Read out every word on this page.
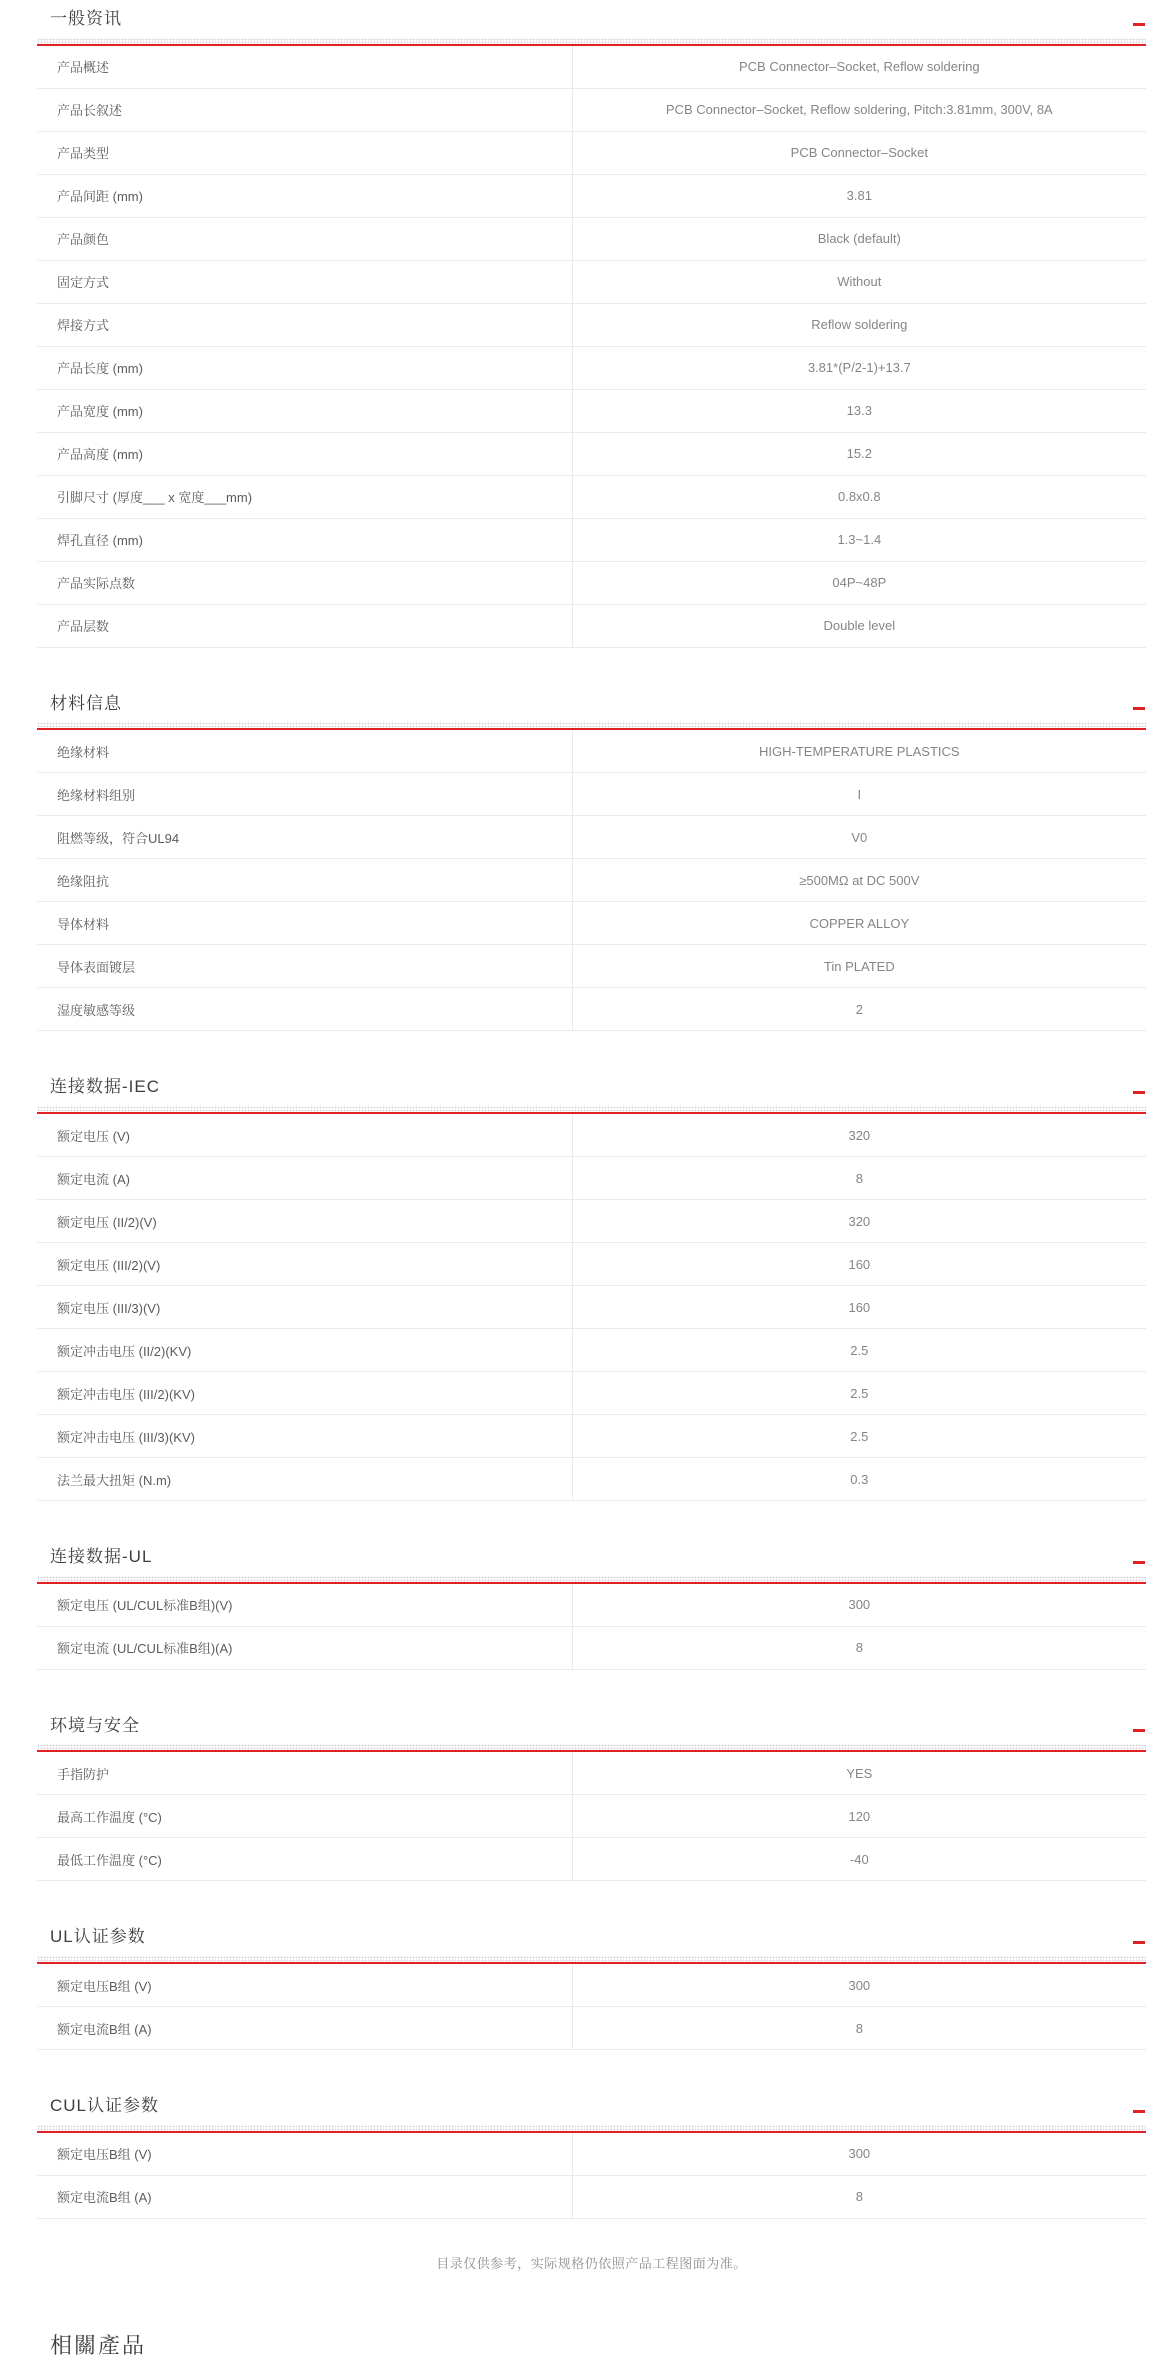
一般资讯
产品概述	PCB Connector–Socket, Reflow soldering
产品长叙述	PCB Connector–Socket, Reflow soldering, Pitch:3.81mm, 300V, 8A
产品类型	PCB Connector–Socket
产品间距 (mm)	3.81
产品颜色	Black (default)
固定方式	Without
焊接方式	Reflow soldering
产品长度 (mm)	3.81*(P/2-1)+13.7
产品宽度 (mm)	13.3
产品高度 (mm)	15.2
引脚尺寸 (厚度___ x 宽度___mm)	0.8x0.8
焊孔直径 (mm)	1.3~1.4
产品实际点数	04P~48P
产品层数	Double level
材料信息
绝缘材料	HIGH-TEMPERATURE PLASTICS
绝缘材料组别	I
阻燃等级，符合UL94	V0
绝缘阻抗	≥500MΩ at DC 500V
导体材料	COPPER ALLOY
导体表面镀层	Tin PLATED
湿度敏感等级	2
连接数据-IEC
额定电压 (V)	320
额定电流 (A)	8
额定电压 (II/2)(V)	320
额定电压 (III/2)(V)	160
额定电压 (III/3)(V)	160
额定冲击电压 (II/2)(KV)	2.5
额定冲击电压 (III/2)(KV)	2.5
额定冲击电压 (III/3)(KV)	2.5
法兰最大扭矩 (N.m)	0.3
连接数据-UL
额定电压 (UL/CUL标准B组)(V)	300
额定电流 (UL/CUL标准B组)(A)	8
环境与安全
手指防护	YES
最高工作温度 (°C)	120
最低工作温度 (°C)	-40
UL认证参数
额定电压B组 (V)	300
额定电流B组 (A)	8
CUL认证参数
额定电压B组 (V)	300
额定电流B组 (A)	8

目录仅供参考，实际规格仍依照产品工程图面为准。

相關產品
